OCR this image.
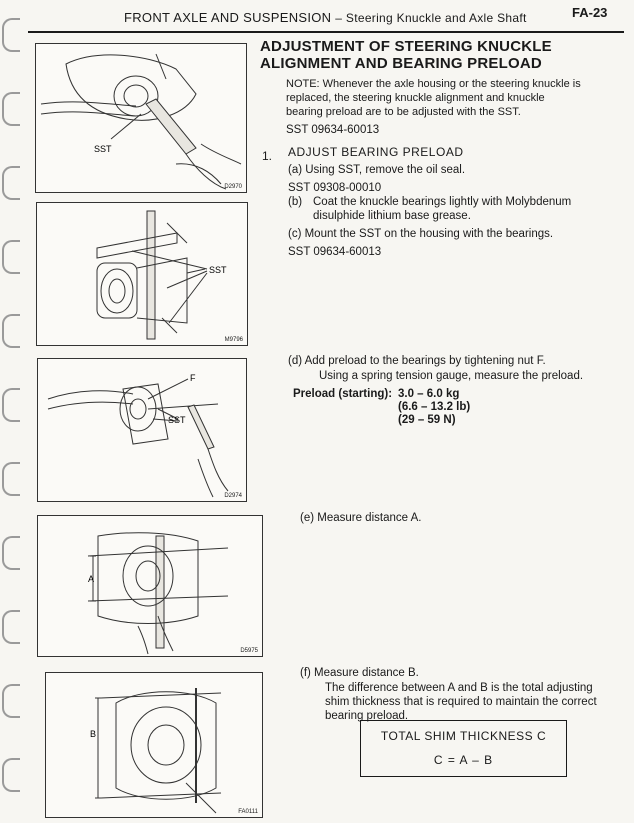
FRONT AXLE AND SUSPENSION – Steering Knuckle and Axle Shaft	FA-23
SST
D2970
SST
M9796
F
SST
D2974
A
D5975
B
FA0111
ADJUSTMENT OF STEERING KNUCKLE
ALIGNMENT AND BEARING PRELOAD
NOTE: Whenever the axle housing or the steering knuckle is replaced, the steering knuckle alignment and knuckle bearing preload are to be adjusted with the SST.
SST 09634-60013
1. ADJUST BEARING PRELOAD
(a) Using SST, remove the oil seal.
SST 09308-00010
(b) Coat the knuckle bearings lightly with Molybdenum disulphide lithium base grease.
(c) Mount the SST on the housing with the bearings.
SST 09634-60013
(d) Add preload to the bearings by tightening nut F.
Using a spring tension gauge, measure the preload.
Preload (starting): 3.0 – 6.0 kg
(6.6 – 13.2 lb)
(29 – 59 N)
(e) Measure distance A.
(f) Measure distance B.
The difference between A and B is the total adjusting shim thickness that is required to maintain the correct bearing preload.
TOTAL SHIM THICKNESS C
C = A – B
